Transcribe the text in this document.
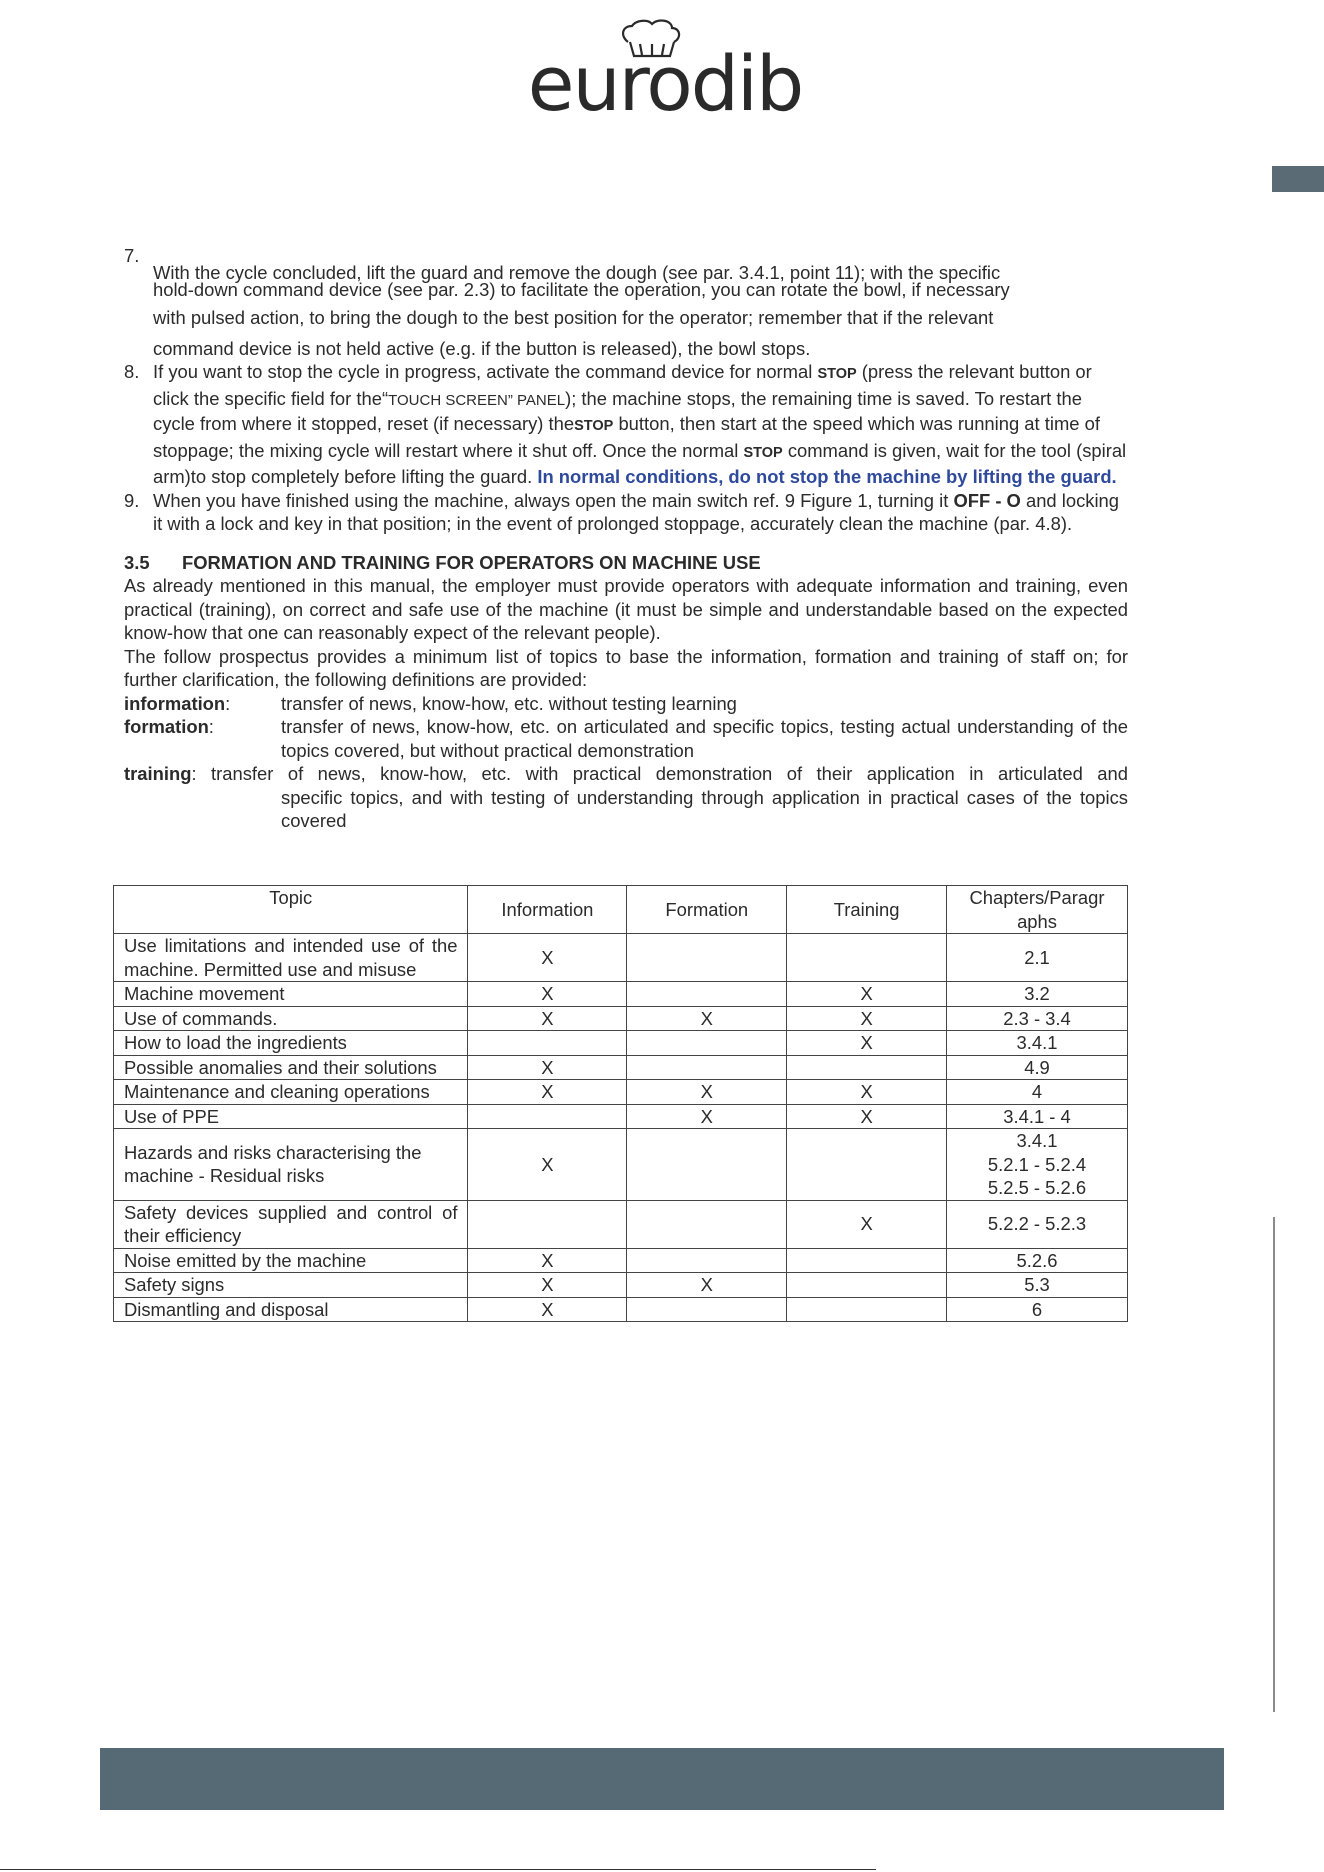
eurodib
7.
With the cycle concluded, lift the guard and remove the dough (see par. 3.4.1, point 11); with the specific
hold-down command device (see par. 2.3) to facilitate the operation, you can rotate the bowl, if necessary
with pulsed action, to bring the dough to the best position for the operator; remember that if the relevant
command device is not held active (e.g. if the button is released), the bowl stops.
8. If you want to stop the cycle in progress, activate the command device for normal STOP (press the relevant button or click the specific field for the“TOUCH SCREEN” PANEL); the machine stops, the remaining time is saved. To restart the cycle from where it stopped, reset (if necessary) theSTOP button, then start at the speed which was running at time of stoppage; the mixing cycle will restart where it shut off. Once the normal STOP command is given, wait for the tool (spiral arm)to stop completely before lifting the guard. In normal conditions, do not stop the machine by lifting the guard.
9. When you have finished using the machine, always open the main switch ref. 9 Figure 1, turning it OFF - O and locking it with a lock and key in that position; in the event of prolonged stoppage, accurately clean the machine (par. 4.8).
3.5 FORMATION AND TRAINING FOR OPERATORS ON MACHINE USE
As already mentioned in this manual, the employer must provide operators with adequate information and training, even practical (training), on correct and safe use of the machine (it must be simple and understandable based on the expected know-how that one can reasonably expect of the relevant people).
The follow prospectus provides a minimum list of topics to base the information, formation and training of staff on; for further clarification, the following definitions are provided:
information:	transfer of news, know-how, etc. without testing learning
formation:	transfer of news, know-how, etc. on articulated and specific topics, testing actual understanding of the topics covered, but without practical demonstration
training: transfer of news, know-how, etc. with practical demonstration of their application in articulated and
specific topics, and with testing of understanding through application in practical cases of the topics covered
Topic	Information	Formation	Training	Chapters/Paragr
aphs
Use limitations and intended use of the machine. Permitted use and misuse	X			2.1
Machine movement	X		X	3.2
Use of commands.	X	X	X	2.3 - 3.4
How to load the ingredients			X	3.4.1
Possible anomalies and their solutions	X			4.9
Maintenance and cleaning operations	X	X	X	4
Use of PPE		X	X	3.4.1 - 4
Hazards and risks characterising the machine - Residual risks	X			3.4.1
5.2.1 - 5.2.4
5.2.5 - 5.2.6
Safety devices supplied and control of their efficiency			X	5.2.2 - 5.2.3
Noise emitted by the machine	X			5.2.6
Safety signs	X	X		5.3
Dismantling and disposal	X			6
